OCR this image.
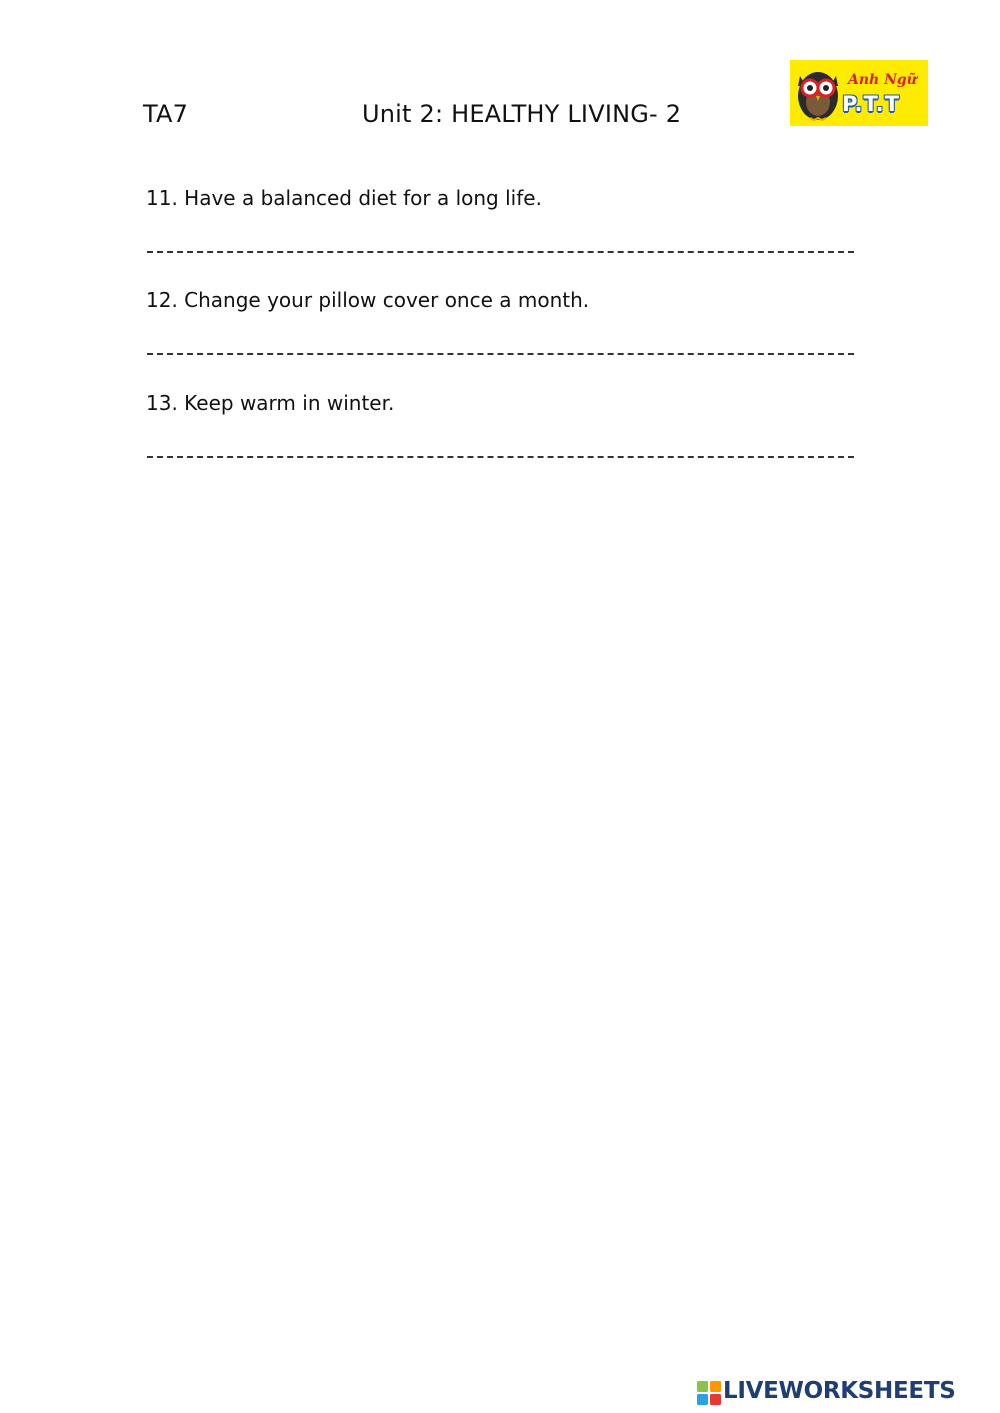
TA7	Unit 2: HEALTHY LIVING- 2
Anh Ngữ
P.T.T
11. Have a balanced diet for a long life.
12. Change your pillow cover once a month.
13. Keep warm in winter.
LIVEWORKSHEETS
